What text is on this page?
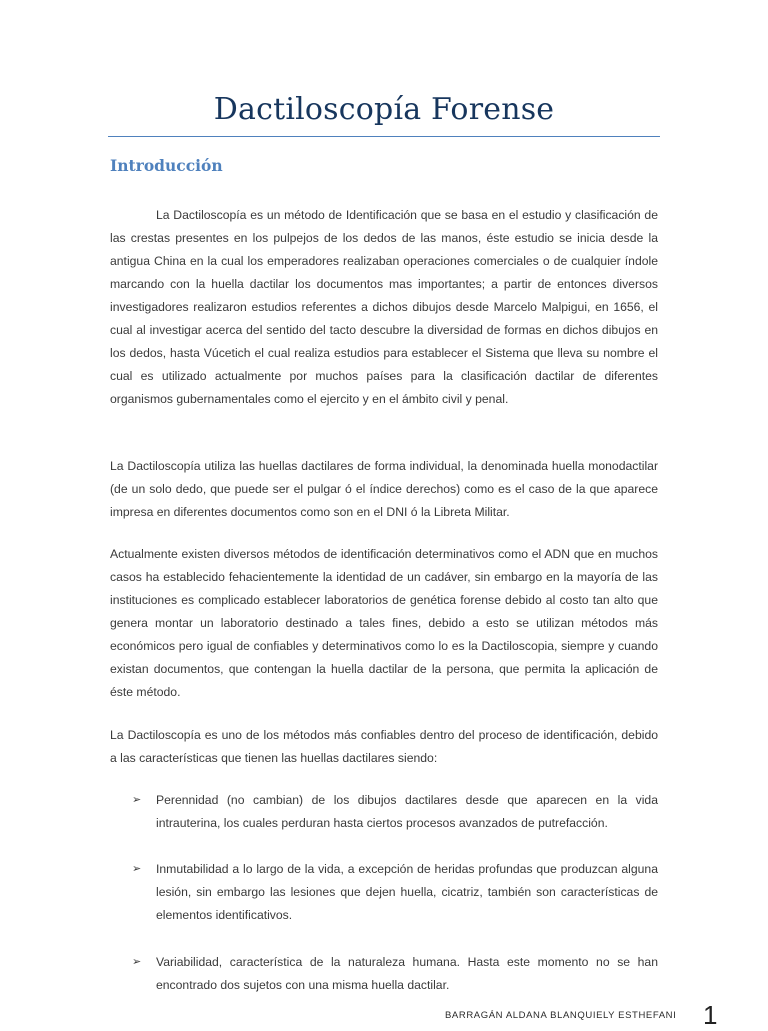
Dactiloscopía Forense
Introducción

La Dactiloscopía es un método de Identificación que se basa en el estudio y clasificación de las crestas presentes en los pulpejos de los dedos de las manos, éste estudio se inicia desde la antigua China en la cual los emperadores realizaban operaciones comerciales o de cualquier índole marcando con la huella dactilar los documentos mas importantes; a partir de entonces diversos investigadores realizaron estudios referentes a dichos dibujos desde Marcelo Malpigui, en 1656, el cual al investigar acerca del sentido del tacto descubre la diversidad de formas en dichos dibujos en los dedos, hasta Vúcetich el cual realiza estudios para establecer el Sistema que lleva su nombre el cual es utilizado actualmente por muchos países para la clasificación dactilar de diferentes organismos gubernamentales como el ejercito y en el ámbito civil y penal.

La Dactiloscopía utiliza las huellas dactilares de forma individual, la denominada huella monodactilar (de un solo dedo, que puede ser el pulgar ó el índice derechos) como es el caso de la que aparece impresa en diferentes documentos como son en el DNI ó la Libreta Militar.

Actualmente existen diversos métodos de identificación determinativos como el ADN que en muchos casos ha establecido fehacientemente la identidad de un cadáver, sin embargo en la mayoría de las instituciones es complicado establecer laboratorios de genética forense debido al costo tan alto que genera montar un laboratorio destinado a tales fines, debido a esto se utilizan métodos más económicos pero igual de confiables y determinativos como lo es la Dactiloscopia, siempre y cuando existan documentos, que contengan la huella dactilar de la persona, que permita la aplicación de éste método.

La Dactiloscopía es uno de los métodos más confiables dentro del proceso de identificación, debido a las características que tienen las huellas dactilares siendo:

➢ Perennidad (no cambian) de los dibujos dactilares desde que aparecen en la vida intrauterina, los cuales perduran hasta ciertos procesos avanzados de putrefacción.
➢ Inmutabilidad a lo largo de la vida, a excepción de heridas profundas que produzcan alguna lesión, sin embargo las lesiones que dejen huella, cicatriz, también son características de elementos identificativos.
➢ Variabilidad, característica de la naturaleza humana. Hasta este momento no se han encontrado dos sujetos con una misma huella dactilar.
BARRAGÁN ALDANA BLANQUIELY ESTHEFANI 1
